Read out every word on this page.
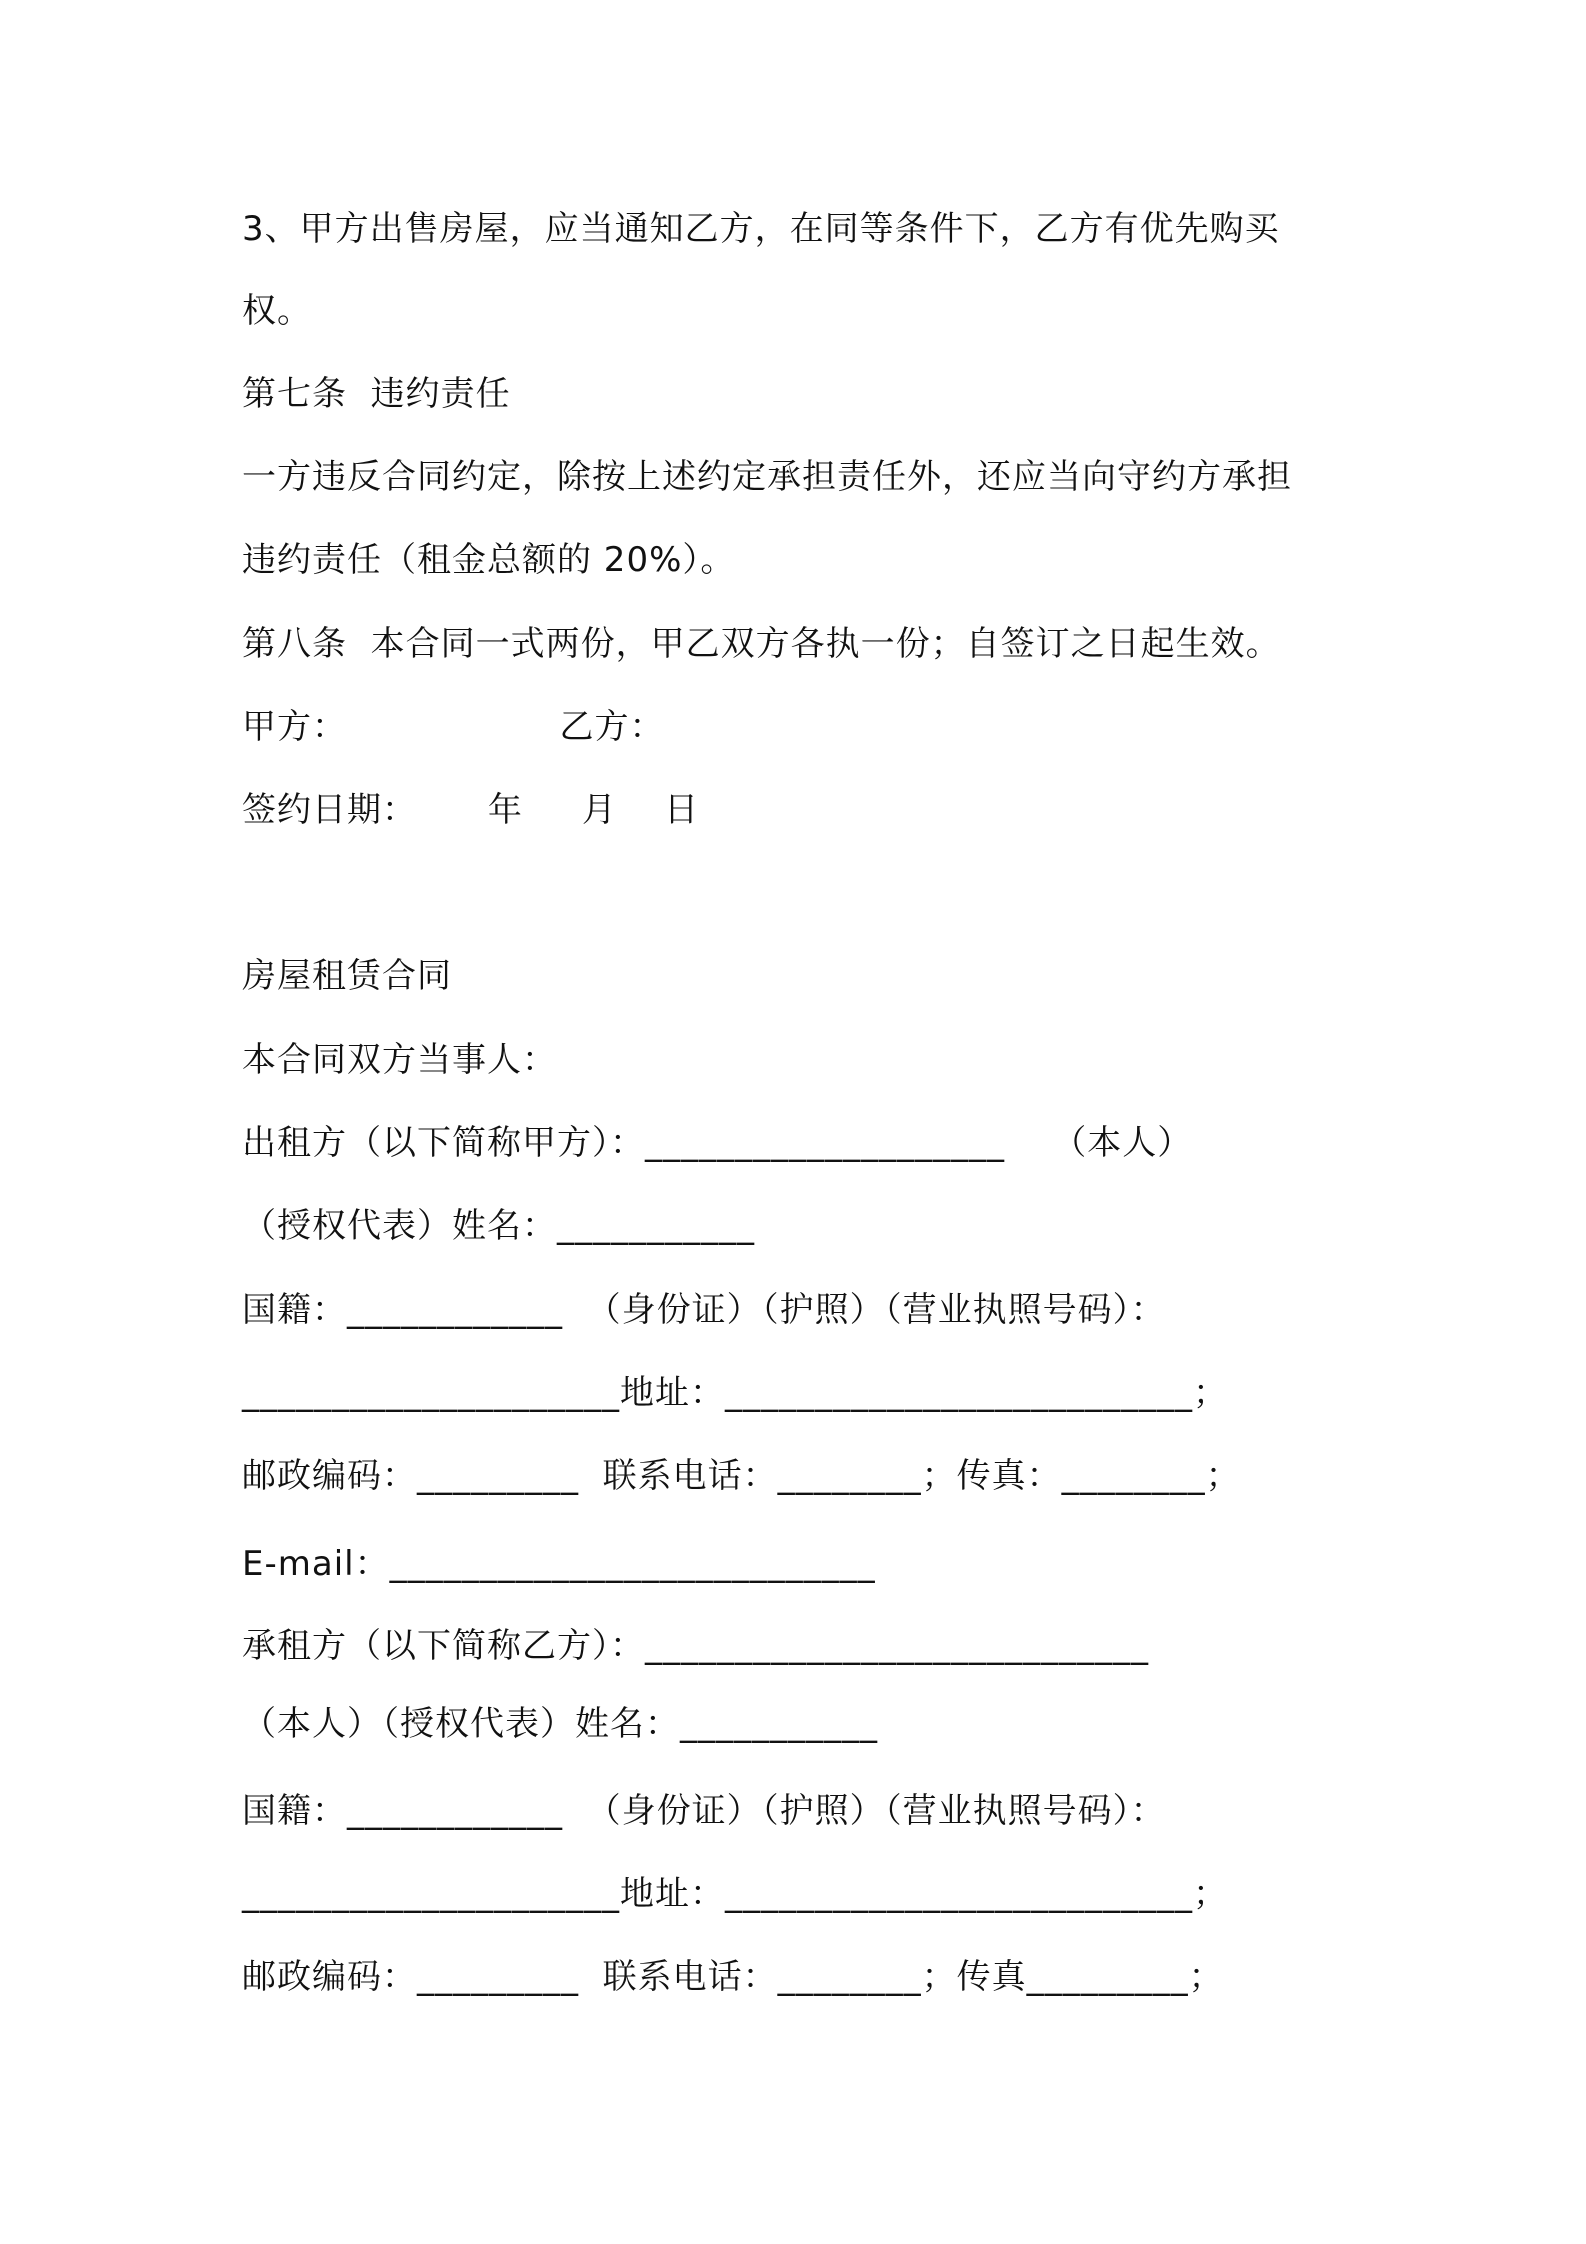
3、甲方出售房屋，应当通知乙方，在同等条件下，乙方有优先购买
权。
第七条  违约责任
一方违反合同约定，除按上述约定承担责任外，还应当向守约方承担
违约责任（租金总额的 20%）。
第八条  本合同一式两份，甲乙双方各执一份；自签订之日起生效。
甲方：                  乙方：
签约日期：      年     月    日
房屋租赁合同
本合同双方当事人：
出租方（以下简称甲方）：____________________    （本人）
（授权代表）姓名：___________
国籍：____________  （身份证）（护照）（营业执照号码）：
_____________________地址：__________________________；
邮政编码：_________  联系电话：________；传真：________；
E-mail：___________________________
承租方（以下简称乙方）：____________________________
（本人）（授权代表）姓名：___________
国籍：____________  （身份证）（护照）（营业执照号码）：
_____________________地址：__________________________；
邮政编码：_________  联系电话：________；传真_________；
